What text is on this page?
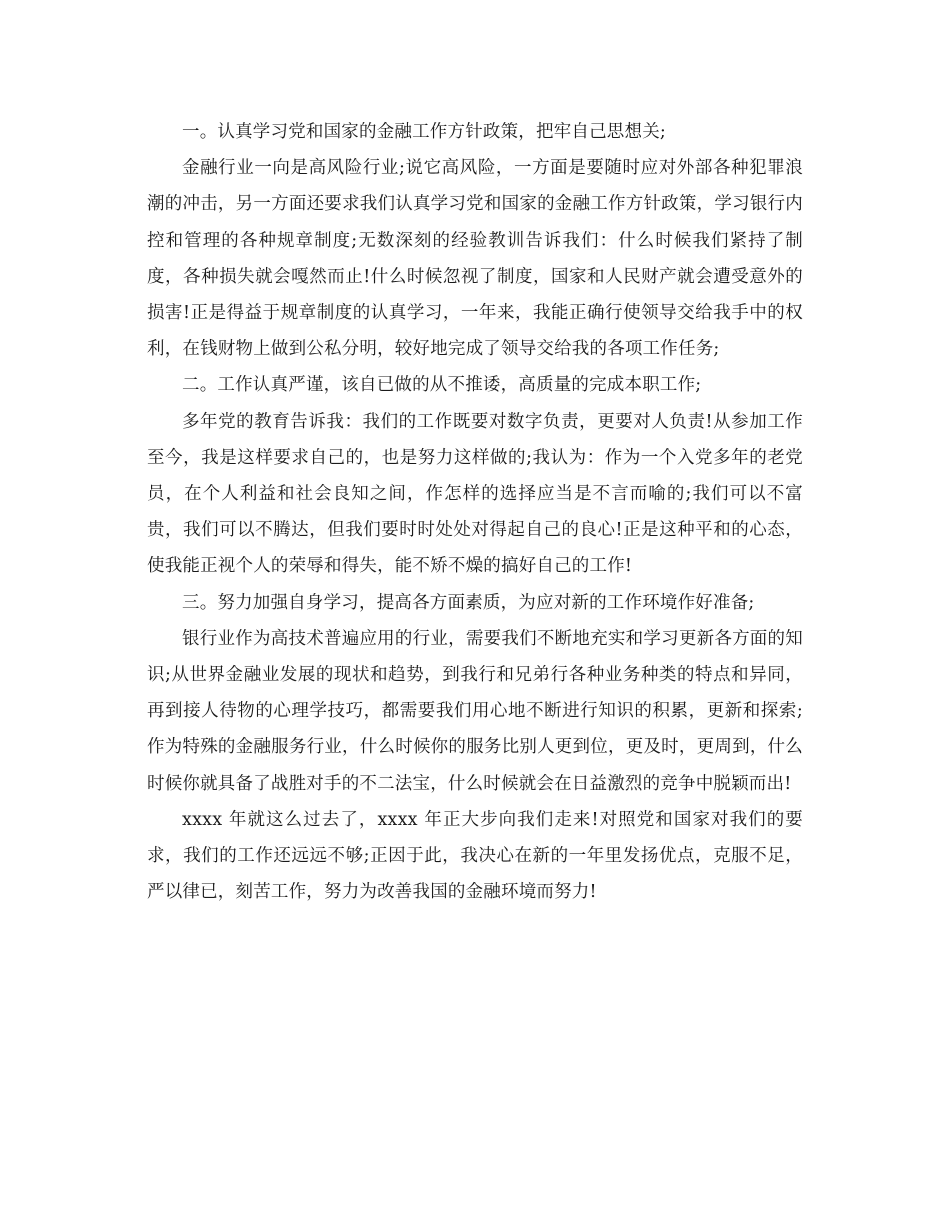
一。认真学习党和国家的金融工作方针政策，把牢自己思想关;

金融行业一向是高风险行业;说它高风险，一方面是要随时应对外部各种犯罪浪潮的冲击，另一方面还要求我们认真学习党和国家的金融工作方针政策，学习银行内控和管理的各种规章制度;无数深刻的经验教训告诉我们：什么时候我们紧持了制度，各种损失就会嘎然而止!什么时候忽视了制度，国家和人民财产就会遭受意外的损害!正是得益于规章制度的认真学习，一年来，我能正确行使领导交给我手中的权利，在钱财物上做到公私分明，较好地完成了领导交给我的各项工作任务;

二。工作认真严谨，该自已做的从不推诿，高质量的完成本职工作;

多年党的教育告诉我：我们的工作既要对数字负责，更要对人负责!从参加工作至今，我是这样要求自己的，也是努力这样做的;我认为：作为一个入党多年的老党员，在个人利益和社会良知之间，作怎样的选择应当是不言而喻的;我们可以不富贵，我们可以不腾达，但我们要时时处处对得起自己的良心!正是这种平和的心态，使我能正视个人的荣辱和得失，能不矫不燥的搞好自己的工作!

三。努力加强自身学习，提高各方面素质，为应对新的工作环境作好准备;

银行业作为高技术普遍应用的行业，需要我们不断地充实和学习更新各方面的知识;从世界金融业发展的现状和趋势，到我行和兄弟行各种业务种类的特点和异同，再到接人待物的心理学技巧，都需要我们用心地不断进行知识的积累，更新和探索;作为特殊的金融服务行业，什么时候你的服务比别人更到位，更及时，更周到，什么时候你就具备了战胜对手的不二法宝，什么时候就会在日益激烈的竞争中脱颖而出!

xxxx 年就这么过去了，xxxx 年正大步向我们走来!对照党和国家对我们的要求，我们的工作还远远不够;正因于此，我决心在新的一年里发扬优点，克服不足，严以律已，刻苦工作，努力为改善我国的金融环境而努力!
